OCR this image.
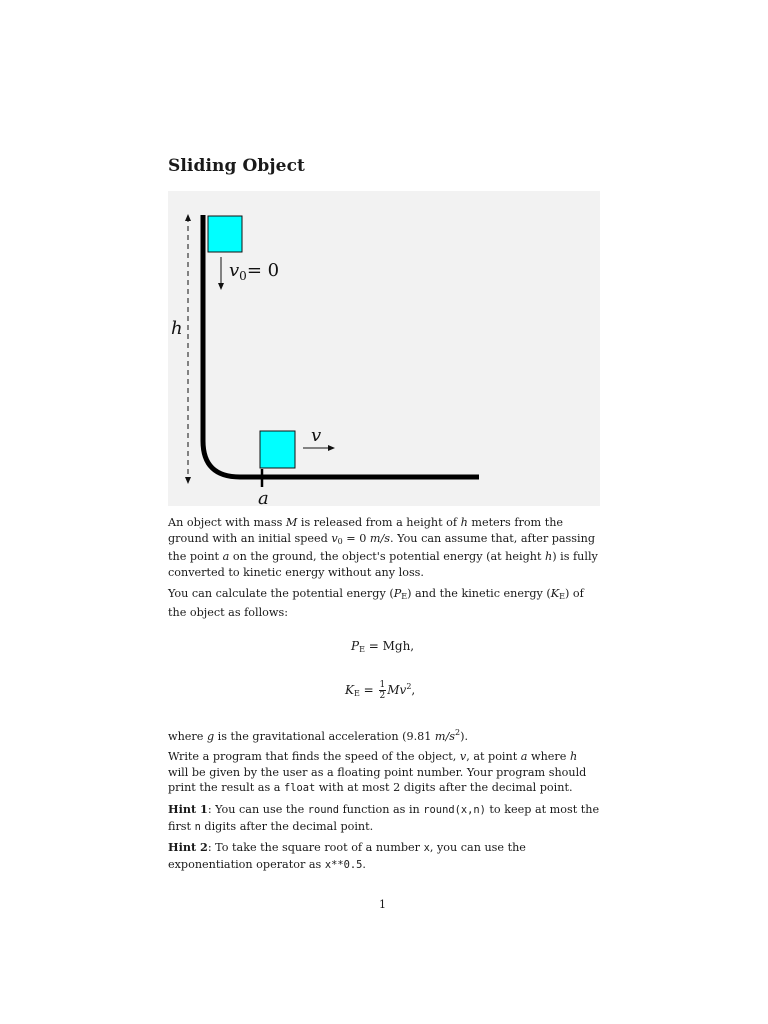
Sliding Object
h
$v_0= 0$
v
a
An object with mass M is released from a height of h meters from the ground with an initial speed $v_0 = 0$ m/s. You can assume that, after passing the point a on the ground, the object's potential energy (at height h) is fully converted to kinetic energy without any loss.
You can calculate the potential energy $(P_E)$ and the kinetic energy $(K_E)$ of the object as follows:
$P_E$ = Mgh,
$K_E = \frac{1}{2} Mv^2$,
where g is the gravitational acceleration (9.81 $m/s^2$).
Write a program that finds the speed of the object, v, at point a where h will be given by the user as a floating point number. Your program should print the result as a float with at most 2 digits after the decimal point.
Hint 1: You can use the round function as in round(x,n) to keep at most the first n digits after the decimal point.
Hint 2: To take the square root of a number x, you can use the exponentiation operator as x**0.5.
1
